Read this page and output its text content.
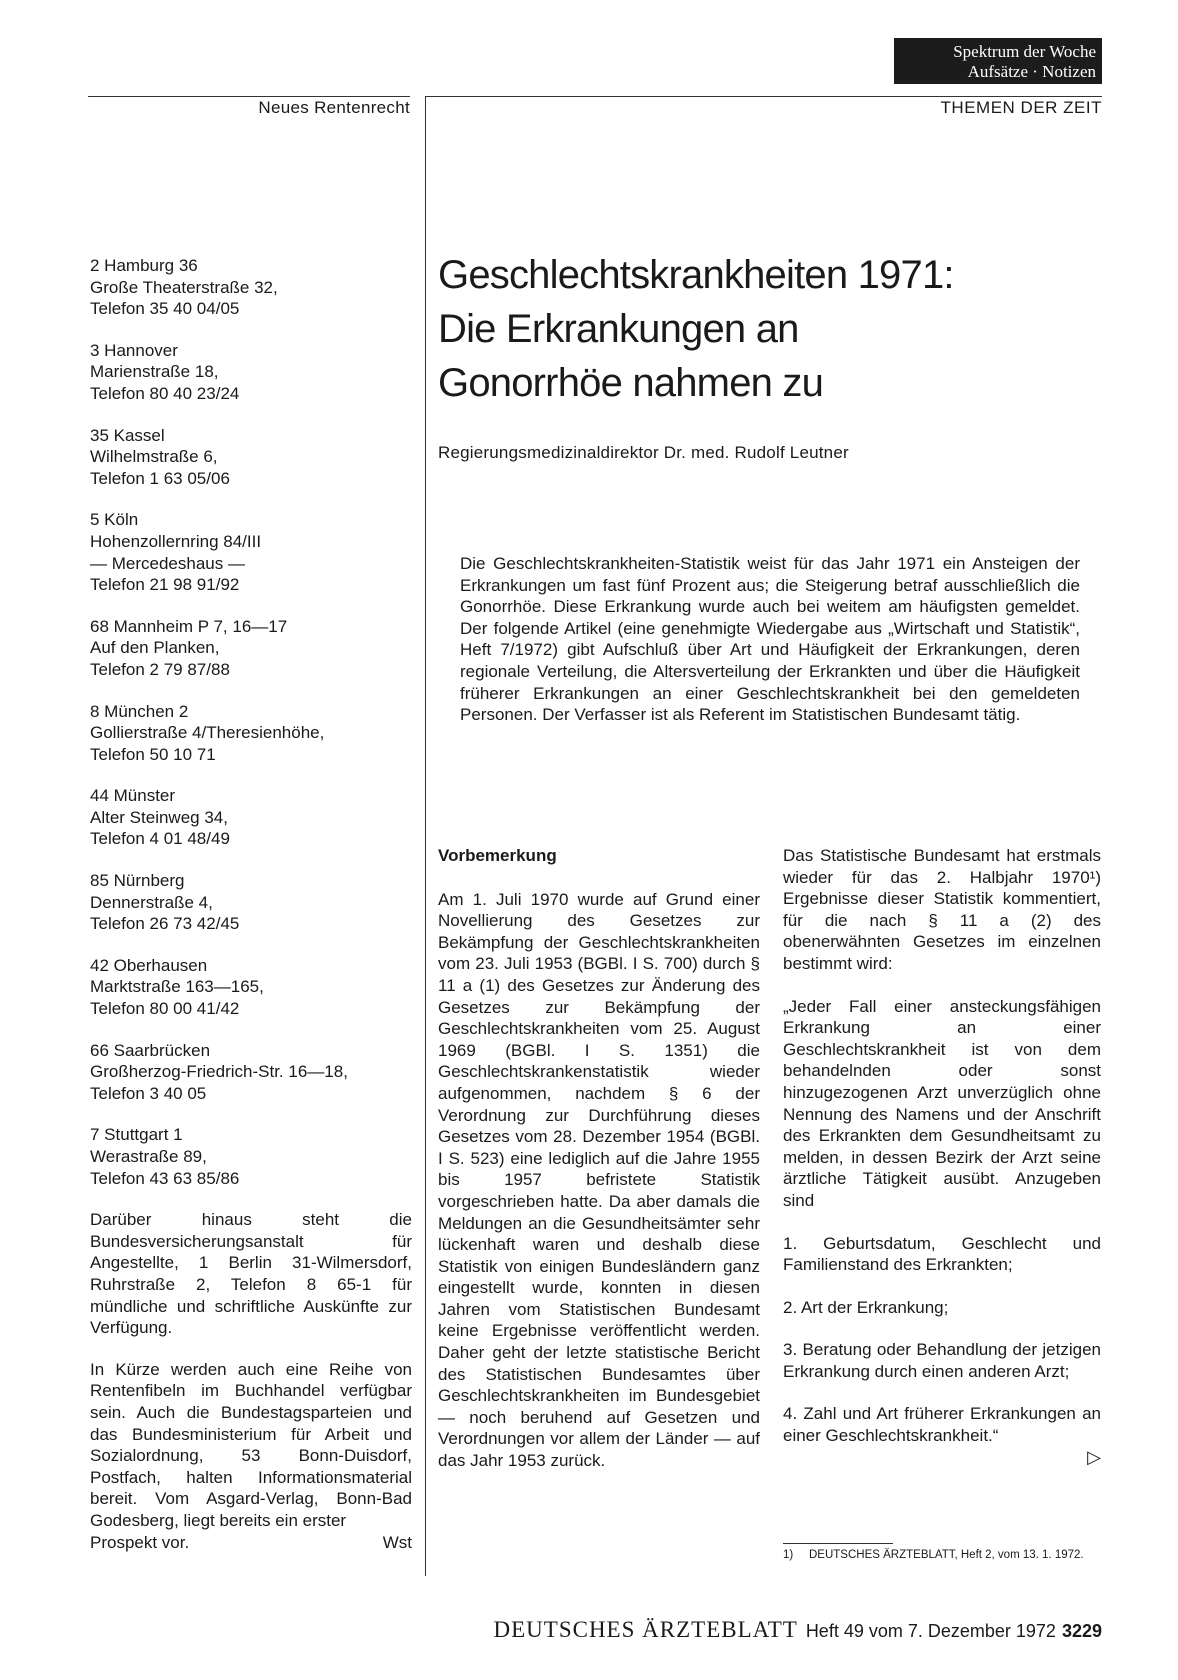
Spektrum der Woche
Aufsätze · Notizen
Neues Rentenrecht	THEMEN DER ZEIT
2 Hamburg 36
Große Theaterstraße 32,
Telefon 35 40 04/05
3 Hannover
Marienstraße 18,
Telefon 80 40 23/24
35 Kassel
Wilhelmstraße 6,
Telefon 1 63 05/06
5 Köln
Hohenzollernring 84/III
— Mercedeshaus —
Telefon 21 98 91/92
68 Mannheim P 7, 16—17
Auf den Planken,
Telefon 2 79 87/88
8 München 2
Gollierstraße 4/Theresienhöhe,
Telefon 50 10 71
44 Münster
Alter Steinweg 34,
Telefon 4 01 48/49
85 Nürnberg
Dennerstraße 4,
Telefon 26 73 42/45
42 Oberhausen
Marktstraße 163—165,
Telefon 80 00 41/42
66 Saarbrücken
Großherzog-Friedrich-Str. 16—18,
Telefon 3 40 05
7 Stuttgart 1
Werastraße 89,
Telefon 43 63 85/86
Darüber hinaus steht die Bundesversicherungsanstalt für Angestellte, 1 Berlin 31-Wilmersdorf, Ruhrstraße 2, Telefon 8 65-1 für mündliche und schriftliche Auskünfte zur Verfügung.
In Kürze werden auch eine Reihe von Rentenfibeln im Buchhandel verfügbar sein. Auch die Bundestagsparteien und das Bundesministerium für Arbeit und Sozialordnung, 53 Bonn-Duisdorf, Postfach, halten Informationsmaterial bereit. Vom Asgard-Verlag, Bonn-Bad Godesberg, liegt bereits ein erster
Prospekt vor.	Wst
Geschlechtskrankheiten 1971:
Die Erkrankungen an
Gonorrhöe nahmen zu
Regierungsmedizinaldirektor Dr. med. Rudolf Leutner
Die Geschlechtskrankheiten-Statistik weist für das Jahr 1971 ein Ansteigen der Erkrankungen um fast fünf Prozent aus; die Steigerung betraf ausschließlich die Gonorrhöe. Diese Erkrankung wurde auch bei weitem am häufigsten gemeldet. Der folgende Artikel (eine genehmigte Wiedergabe aus „Wirtschaft und Statistik“, Heft 7/1972) gibt Aufschluß über Art und Häufigkeit der Erkrankungen, deren regionale Verteilung, die Altersverteilung der Erkrankten und über die Häufigkeit früherer Erkrankungen an einer Geschlechtskrankheit bei den gemeldeten Personen. Der Verfasser ist als Referent im Statistischen Bundesamt tätig.
Vorbemerkung

Am 1. Juli 1970 wurde auf Grund einer Novellierung des Gesetzes zur Bekämpfung der Geschlechtskrankheiten vom 23. Juli 1953 (BGBl. I S. 700) durch § 11 a (1) des Gesetzes zur Änderung des Gesetzes zur Bekämpfung der Geschlechtskrankheiten vom 25. August 1969 (BGBl. I S. 1351) die Geschlechtskrankenstatistik wieder aufgenommen, nachdem § 6 der Verordnung zur Durchführung dieses Gesetzes vom 28. Dezember 1954 (BGBl. I S. 523) eine lediglich auf die Jahre 1955 bis 1957 befristete Statistik vorgeschrieben hatte. Da aber damals die Meldungen an die Gesundheitsämter sehr lückenhaft waren und deshalb diese Statistik von einigen Bundesländern ganz eingestellt wurde, konnten in diesen Jahren vom Statistischen Bundesamt keine Ergebnisse veröffentlicht werden. Daher geht der letzte statistische Bericht des Statistischen Bundesamtes über Geschlechtskrankheiten im Bundesgebiet — noch beruhend auf Gesetzen und Verordnungen vor allem der Länder — auf das Jahr 1953 zurück.

Das Statistische Bundesamt hat erstmals wieder für das 2. Halbjahr 1970¹) Ergebnisse dieser Statistik kommentiert, für die nach § 11 a (2) des obenerwähnten Gesetzes im einzelnen bestimmt wird:

„Jeder Fall einer ansteckungsfähigen Erkrankung an einer Geschlechtskrankheit ist von dem behandelnden oder sonst hinzugezogenen Arzt unverzüglich ohne Nennung des Namens und der Anschrift des Erkrankten dem Gesundheitsamt zu melden, in dessen Bezirk der Arzt seine ärztliche Tätigkeit ausübt. Anzugeben sind

1. Geburtsdatum, Geschlecht und Familienstand des Erkrankten;

2. Art der Erkrankung;

3. Beratung oder Behandlung der jetzigen Erkrankung durch einen anderen Arzt;

4. Zahl und Art früherer Erkrankungen an einer Geschlechtskrankheit.“

▷
1) DEUTSCHES ÄRZTEBLATT, Heft 2, vom 13. 1. 1972.
DEUTSCHES ÄRZTEBLATT Heft 49 vom 7. Dezember 1972 3229
